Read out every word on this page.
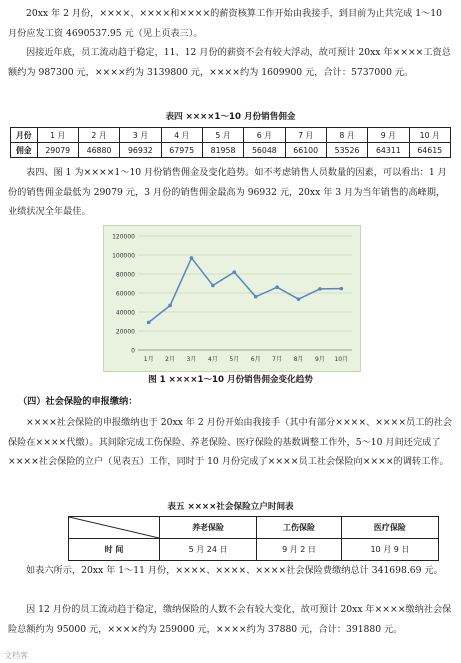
20xx 年 2 月份，××××、××××和××××的薪资核算工作开始由我接手，到目前为止共完成 1～10 月份应发工资 4690537.95 元（见上页表三）。

因接近年底，员工流动趋于稳定，11、12 月份的薪资不会有较大浮动，故可预计 20xx 年××××工资总额约为 987300 元，××××约为 3139800 元，××××约为 1609900 元，合计：5737000 元。

表四 ××××1～10 月份销售佣金
月份	1 月	2 月	3 月	4 月	5 月	6 月	7 月	8 月	9 月	10 月
佣金	29079	46880	96932	67975	81958	56048	66100	53526	64311	64615

表四、图 1 为××××1～10 月份销售佣金及变化趋势。如不考虑销售人员数量的因素，可以看出：1 月份的销售佣金最低为 29079 元，3 月份的销售佣金最高为 96932 元，20xx 年 3 月为当年销售的高峰期，业绩状况全年最佳。

0
20000
40000
60000
80000
100000
120000
1月 2月 3月 4月 5月 6月 7月 8月 9月 10月
图 1 ××××1～10 月份销售佣金变化趋势
（四）社会保险的申报缴纳：

××××社会保险的申报缴纳也于 20xx 年 2 月份开始由我接手（其中有部分××××、××××员工的社会保险在××××代缴）。其间除完成工伤保险、养老保险、医疗保险的基数调整工作外，5～10 月间还完成了××××社会保险的立户（见表五）工作，同时于 10 月份完成了××××员工社会保险向××××的调转工作。

表五 ××××社会保险立户时间表
	养老保险	工伤保险	医疗保险
时 间	5 月 24 日	9 月 2 日	10 月 9 日

如表六所示，20xx 年 1～11 月份，××××、××××、××××社会保险费缴纳总计 341698.69 元。

因 12 月份的员工流动趋于稳定，缴纳保险的人数不会有较大变化，故可预计 20xx 年××××缴纳社会保险总额约为 95000 元，××××约为 259000 元，××××约为 37880 元，合计：391880 元。

文档客
